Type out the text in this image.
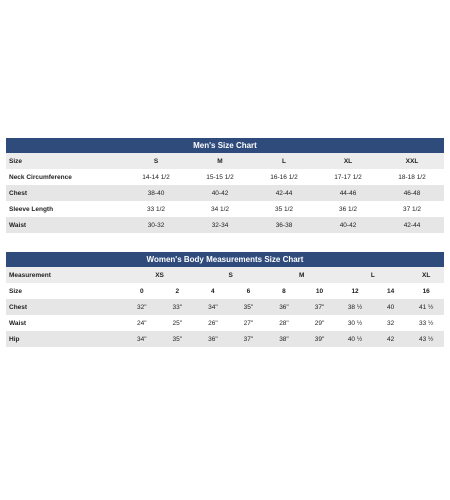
Men's Size Chart
Size	S	M	L	XL	XXL
Neck Circumference	14-14 1/2	15-15 1/2	16-16 1/2	17-17 1/2	18-18 1/2
Chest	38-40	40-42	42-44	44-46	46-48
Sleeve Length	33 1/2	34 1/2	35 1/2	36 1/2	37 1/2
Waist	30-32	32-34	36-38	40-42	42-44
Women's Body Measurements Size Chart
Measurement	XS		S		M		L		XL
Size	0	2	4	6	8	10	12	14	16
Chest	32"	33"	34"	35"	36"	37"	38 ½	40	41 ½
Waist	24"	25"	26"	27"	28"	29"	30 ½	32	33 ½
Hip	34"	35"	36"	37"	38"	39"	40 ½	42	43 ½
